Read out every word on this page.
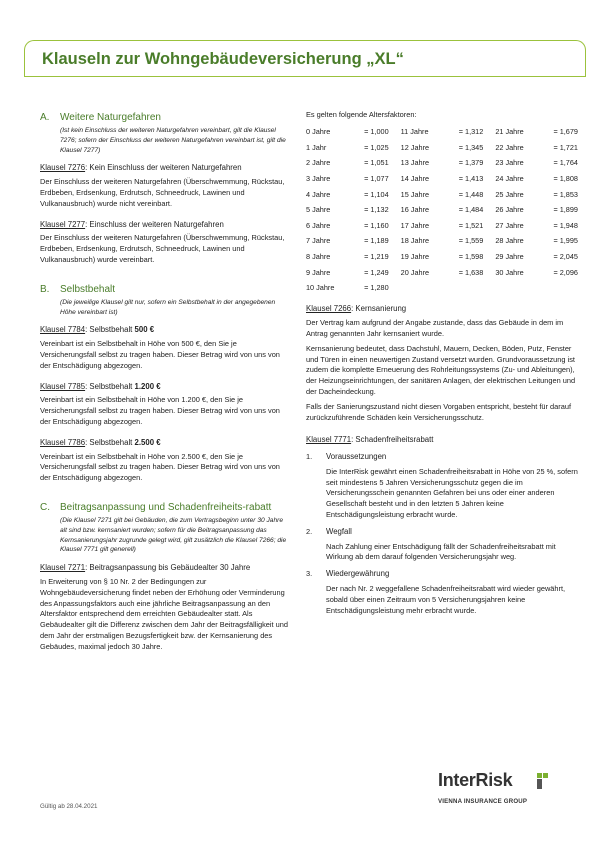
Klauseln zur Wohngebäudeversicherung „XL“
A.	Weitere Naturgefahren
(Ist kein Einschluss der weiteren Naturgefahren vereinbart, gilt die Klausel 7276; sofern der Einschluss der weiteren Naturgefahren vereinbart ist, gilt die Klausel 7277)
Klausel 7276: Kein Einschluss der weiteren Naturgefahren

Der Einschluss der weiteren Naturgefahren (Überschwemmung, Rückstau, Erdbeben, Erdsenkung, Erdrutsch, Schneedruck, Lawinen und Vulkanausbruch) wurde nicht vereinbart.

Klausel 7277: Einschluss der weiteren Naturgefahren

Der Einschluss der weiteren Naturgefahren (Überschwemmung, Rückstau, Erdbeben, Erdsenkung, Erdrutsch, Schneedruck, Lawinen und Vulkanausbruch) wurde vereinbart.

B.	Selbstbehalt
(Die jeweilige Klausel gilt nur, sofern ein Selbstbehalt in der angegebenen Höhe vereinbart ist)
Klausel 7784: Selbstbehalt 500 €

Vereinbart ist ein Selbstbehalt in Höhe von 500 €, den Sie je Versicherungsfall selbst zu tragen haben. Dieser Betrag wird von uns von der Entschädigung abgezogen.

Klausel 7785: Selbstbehalt 1.200 €

Vereinbart ist ein Selbstbehalt in Höhe von 1.200 €, den Sie je Versicherungsfall selbst zu tragen haben. Dieser Betrag wird von uns von der Entschädigung abgezogen.

Klausel 7786: Selbstbehalt 2.500 €

Vereinbart ist ein Selbstbehalt in Höhe von 2.500 €, den Sie je Versicherungsfall selbst zu tragen haben. Dieser Betrag wird von uns von der Entschädigung abgezogen.

C.	Beitragsanpassung und Schadenfreiheits-rabatt
(Die Klausel 7271 gilt bei Gebäuden, die zum Vertragsbeginn unter 30 Jahre alt sind bzw. kernsaniert wurden; sofern für die Beitragsanpassung das Kernsanierungsjahr zugrunde gelegt wird, gilt zusätzlich die Klausel 7266; die Klausel 7771 gilt generell)
Klausel 7271: Beitragsanpassung bis Gebäudealter 30 Jahre

In Erweiterung von § 10 Nr. 2 der Bedingungen zur Wohngebäudeversicherung findet neben der Erhöhung oder Verminderung des Anpassungsfaktors auch eine jährliche Beitragsanpassung an den Altersfaktor entsprechend dem erreichten Gebäudealter statt. Als Gebäudealter gilt die Differenz zwischen dem Jahr der Beitragsfälligkeit und dem Jahr der erstmaligen Bezugsfertigkeit bzw. der Kernsanierung des Gebäudes, maximal jedoch 30 Jahre.

Es gelten folgende Altersfaktoren:

0 Jahre	= 1,000	11 Jahre	= 1,312	21 Jahre	= 1,679
1 Jahr	= 1,025	12 Jahre	= 1,345	22 Jahre	= 1,721
2 Jahre	= 1,051	13 Jahre	= 1,379	23 Jahre	= 1,764
3 Jahre	= 1,077	14 Jahre	= 1,413	24 Jahre	= 1,808
4 Jahre	= 1,104	15 Jahre	= 1,448	25 Jahre	= 1,853
5 Jahre	= 1,132	16 Jahre	= 1,484	26 Jahre	= 1,899
6 Jahre	= 1,160	17 Jahre	= 1,521	27 Jahre	= 1,948
7 Jahre	= 1,189	18 Jahre	= 1,559	28 Jahre	= 1,995
8 Jahre	= 1,219	19 Jahre	= 1,598	29 Jahre	= 2,045
9 Jahre	= 1,249	20 Jahre	= 1,638	30 Jahre	= 2,096
10 Jahre	= 1,280				
Klausel 7266: Kernsanierung

Der Vertrag kam aufgrund der Angabe zustande, dass das Gebäude in dem im Antrag genannten Jahr kernsaniert wurde.

Kernsanierung bedeutet, dass Dachstuhl, Mauern, Decken, Böden, Putz, Fenster und Türen in einen neuwertigen Zustand versetzt wurden. Grundvoraussetzung ist zudem die komplette Erneuerung des Rohrleitungssystems (Zu- und Ableitungen), der Heizungseinrichtungen, der sanitären Anlagen, der elektrischen Leitungen und der Dacheindeckung.

Falls der Sanierungszustand nicht diesen Vorgaben entspricht, besteht für darauf zurückzuführende Schäden kein Versicherungsschutz.

Klausel 7771: Schadenfreiheitsrabatt
1.	Voraussetzungen
Die InterRisk gewährt einen Schadenfreiheitsrabatt in Höhe von 25 %, sofern seit mindestens 5 Jahren Versicherungsschutz gegen die im Versicherungsschein genannten Gefahren bei uns oder einer anderen Gesellschaft besteht und in den letzten 5 Jahren keine Entschädigungsleistung erbracht wurde.
2.	Wegfall
Nach Zahlung einer Entschädigung fällt der Schadenfreiheitsrabatt mit Wirkung ab dem darauf folgenden Versicherungsjahr weg.
3.	Wiedergewährung
Der nach Nr. 2 weggefallene Schadenfreiheitsrabatt wird wieder gewährt, sobald über einen Zeitraum von 5 Versicherungsjahren keine Entschädigungsleistung mehr erbracht wurde.
Gültig ab 28.04.2021
InterRisk
VIENNA INSURANCE GROUP
